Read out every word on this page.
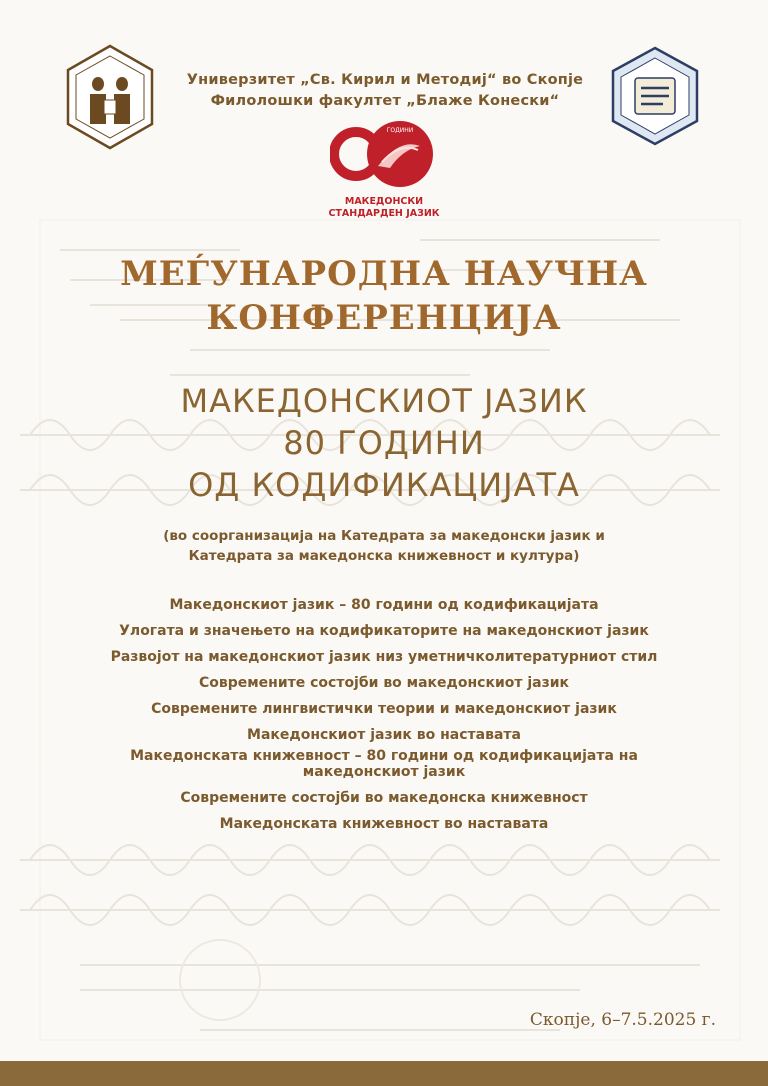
Универзитет „Св. Кирил и Методиј“ во Скопје
Филолошки факултет „Блаже Конески“
ГОДИНИ
МАКЕДОНСКИ
СТАНДАРДЕН ЈАЗИК
МЕЃУНАРОДНА НАУЧНА
КОНФЕРЕНЦИЈА
МАКЕДОНСКИОТ ЈАЗИК
80 ГОДИНИ
ОД КОДИФИКАЦИЈАТА
(во соорганизација на Катедрата за македонски јазик и
Катедрата за македонска книжевност и култура)
Македонскиот јазик – 80 години од кодификацијата
Улогата и значењето на кодификаторите на македонскиот јазик
Развојот на македонскиот јазик низ уметничколитературниот стил
Современите состојби во македонскиот јазик
Современите лингвистички теории и македонскиот јазик
Македонскиот јазик во наставата
Македонската книжевност – 80 години од кодификацијата на
македонскиот јазик
Современите состојби во македонска книжевност
Македонската книжевност во наставата
Скопје, 6–7.5.2025 г.
